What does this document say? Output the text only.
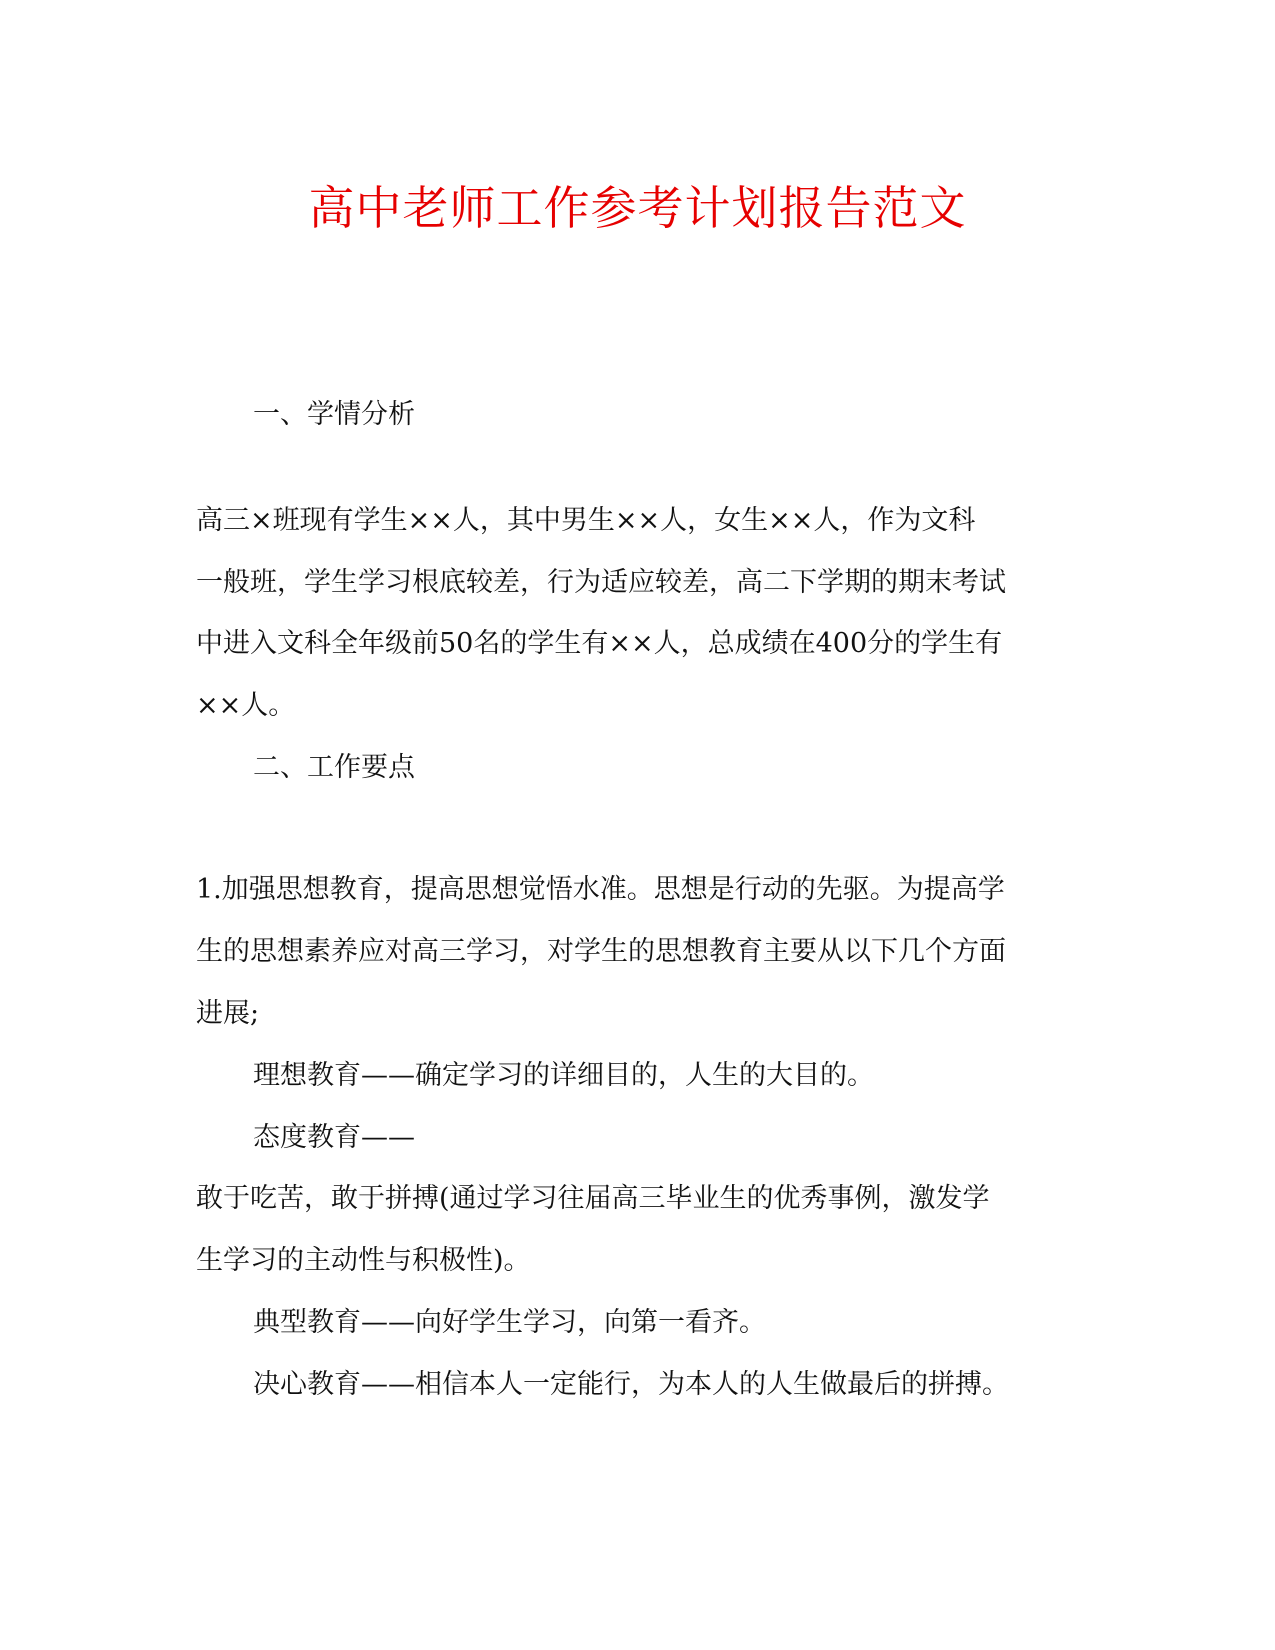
高中老师工作参考计划报告范文
一、学情分析
高三×班现有学生××人，其中男生××人，女生××人，作为文科
一般班，学生学习根底较差，行为适应较差，高二下学期的期末考试
中进入文科全年级前50名的学生有××人，总成绩在400分的学生有
××人。
二、工作要点
1.加强思想教育，提高思想觉悟水准。思想是行动的先驱。为提高学
生的思想素养应对高三学习，对学生的思想教育主要从以下几个方面
进展;
理想教育——确定学习的详细目的，人生的大目的。
态度教育——
敢于吃苦，敢于拼搏(通过学习往届高三毕业生的优秀事例，激发学
生学习的主动性与积极性)。
典型教育——向好学生学习，向第一看齐。
决心教育——相信本人一定能行，为本人的人生做最后的拼搏。
